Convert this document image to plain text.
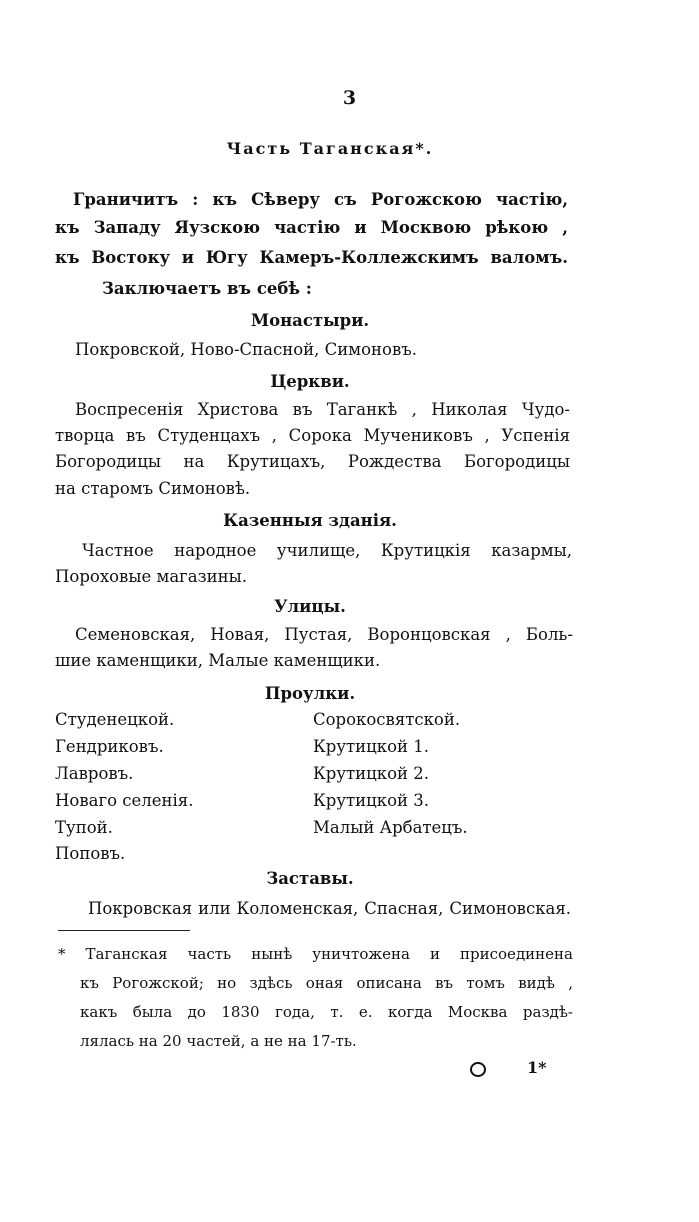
3
Часть Таганская*.
Граничитъ : къ Сѣверу съ Рогожскою частію,
къ Западу Яузскою частію и Москвою рѣкою ,
къ Востоку и Югу Камеръ-Коллежскимъ валомъ.
Заключаетъ въ себѣ :
Монастыри.
Покровской, Ново-Спасной, Симоновъ.
Церкви.
Воспресенія Христова въ Таганкѣ , Николая Чудо-
творца въ Студенцахъ , Сорока Мучениковъ , Успенія
Богородицы на Крутицахъ, Рождества Богородицы
на старомъ Симоновѣ.
Казенныя зданія.
Частное народное училище, Крутицкія казармы,
Пороховые магазины.
Улицы.
Семеновская, Новая, Пустая, Воронцовская , Боль-
шие каменщики, Малые каменщики.
Проулки.
Студенецкой.
Гендриковъ.
Лавровъ.
Новаго селенія.
Тупой.
Поповъ.
Сорокосвятской.
Крутицкой 1.
Крутицкой 2.
Крутицкой 3.
Малый Арбатецъ.
Заставы.
Покровская или Коломенская, Спасная, Симоновская.
* Таганская часть нынѣ уничтожена и присоединена
къ Рогожской; но здѣсь оная описана въ томъ видѣ ,
какъ была до 1830 года, т. е. когда Москва раздѣ-
лялась на 20 частей, а не на 17-ть.
1*
